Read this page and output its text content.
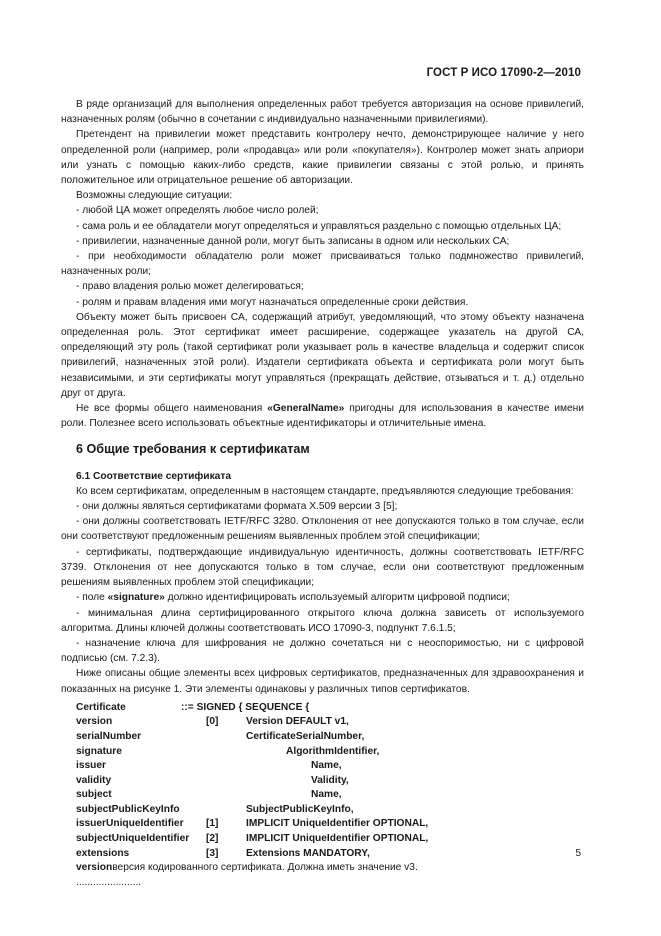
ГОСТ Р ИСО 17090-2—2010

В ряде организаций для выполнения определенных работ требуется авторизация на основе привилегий, назначенных ролям (обычно в сочетании с индивидуально назначенными привилегиями).

Претендент на привилегии может представить контролеру нечто, демонстрирующее наличие у него определенной роли (например, роли «продавца» или роли «покупателя»). Контролер может знать априори или узнать с помощью каких-либо средств, какие привилегии связаны с этой ролью, и принять положительное или отрицательное решение об авторизации.

Возможны следующие ситуации:

- любой ЦА может определять любое число ролей;

- сама роль и ее обладатели могут определяться и управляться раздельно с помощью отдельных ЦА;

- привилегии, назначенные данной роли, могут быть записаны в одном или нескольких СА;

- при необходимости обладателю роли может присваиваться только подмножество привилегий, назначенных роли;

- право владения ролью может делегироваться;

- ролям и правам владения ими могут назначаться определенные сроки действия.

Объекту может быть присвоен СА, содержащий атрибут, уведомляющий, что этому объекту назначена определенная роль. Этот сертификат имеет расширение, содержащее указатель на другой СА, определяющий эту роль (такой сертификат роли указывает роль в качестве владельца и содержит список привилегий, назначенных этой роли). Издатели сертификата объекта и сертификата роли могут быть независимыми, и эти сертификаты могут управляться (прекращать действие, отзываться и т. д.) отдельно друг от друга.

Не все формы общего наименования «GeneralName» пригодны для использования в качестве имени роли. Полезнее всего использовать объектные идентификаторы и отличительные имена.

6 Общие требования к сертификатам

6.1 Соответствие сертификата

Ко всем сертификатам, определенным в настоящем стандарте, предъявляются следующие требования:

- они должны являться сертификатами формата X.509 версии 3 [5];

- они должны соответствовать IETF/RFC 3280. Отклонения от нее допускаются только в том случае, если они соответствуют предложенным решениям выявленных проблем этой спецификации;

- сертификаты, подтверждающие индивидуальную идентичность, должны соответствовать IETF/RFC 3739. Отклонения от нее допускаются только в том случае, если они соответствуют предложенным решениям выявленных проблем этой спецификации;

- поле «signature» должно идентифицировать используемый алгоритм цифровой подписи;

- минимальная длина сертифицированного открытого ключа должна зависеть от используемого алгоритма. Длины ключей должны соответствовать ИСО 17090-3, подпункт 7.6.1.5;

- назначение ключа для шифрования не должно сочетаться ни с неоспоримостью, ни с цифровой подписью (см. 7.2.3).

Ниже описаны общие элементы всех цифровых сертификатов, предназначенных для здравоохранения и показанных на рисунке 1. Эти элементы одинаковы у различных типов сертификатов.

Certificate	::= SIGNED { SEQUENCE {
version	[0]	Version DEFAULT v1,
serialNumber	CertificateSerialNumber,
signature	AlgorithmIdentifier,
issuer	Name,
validity	Validity,
subject	Name,
subjectPublicKeyInfo	SubjectPublicKeyInfo,
issuerUniqueIdentifier [1]	IMPLICIT UniqueIdentifier OPTIONAL,
subjectUniqueIdentifier [2]	IMPLICIT UniqueIdentifier OPTIONAL,
extensions	[3]	Extensions MANDATORY,
version версия кодированного сертификата. Должна иметь значение v3.
.......................
5
